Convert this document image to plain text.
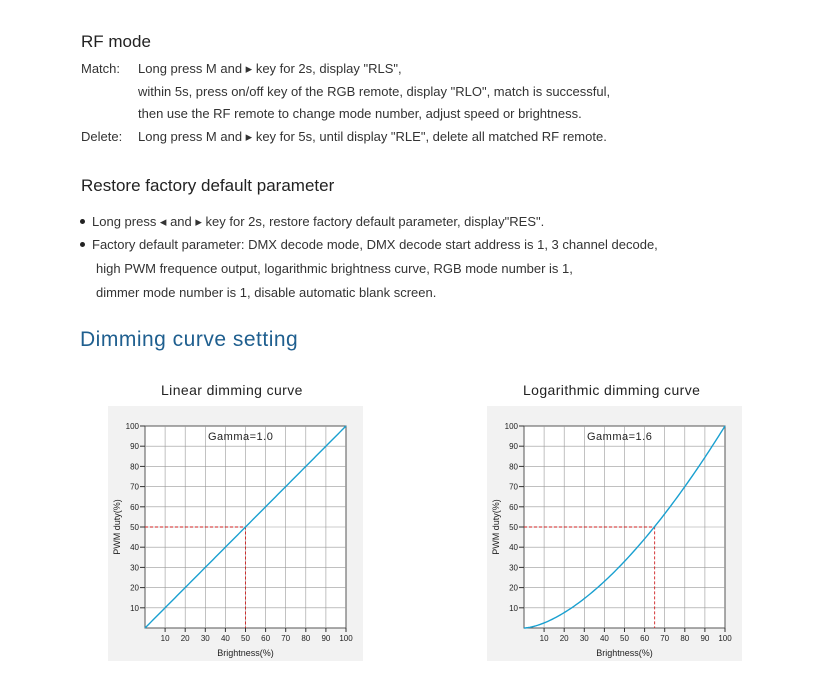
RF mode
Match: Long press M and ▸ key for 2s, display "RLS",
within 5s, press on/off key of the RGB remote, display "RLO", match is successful,
then use the RF remote to change mode number, adjust speed or brightness.
Delete: Long press M and ▸ key for 5s, until display "RLE", delete all matched RF remote.
Restore factory default parameter
Long press ◂ and ▸ key for 2s, restore factory default parameter, display"RES".
Factory default parameter: DMX decode mode, DMX decode start address is 1, 3 channel decode,
high PWM frequence output, logarithmic brightness curve, RGB mode number is 1,
dimmer mode number is 1, disable automatic blank screen.
Dimming curve setting
Linear dimming curve	Logarithmic dimming curve
10
20
30
40
50
60
70
80
90
100
10 20 30 40 50 60 70 80 90 100
Brightness(%)
PWM duty(%)
Gamma=1.0
10
20
30
40
50
60
70
80
90
100
10 20 30 40 50 60 70 80 90 100
Brightness(%)
PWM duty(%)
Gamma=1.6
